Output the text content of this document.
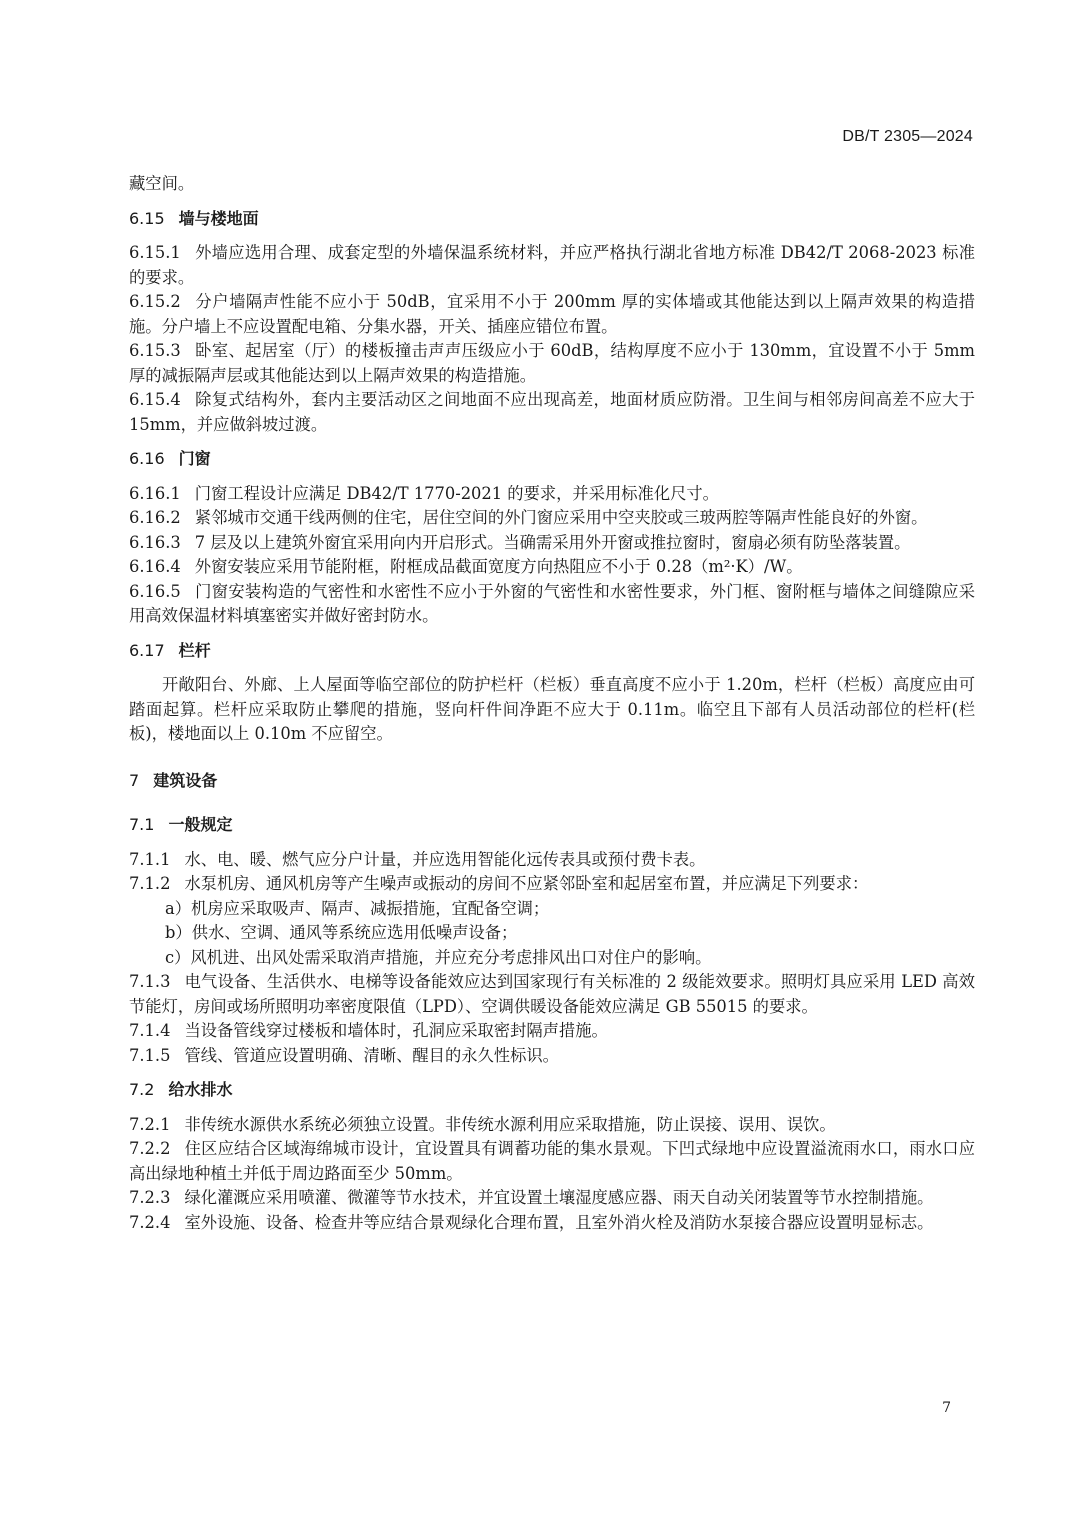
DB/T 2305—2024
藏空间。
6.15 墙与楼地面
6.15.1 外墙应选用合理、成套定型的外墙保温系统材料，并应严格执行湖北省地方标准 DB42/T 2068-2023 标准的要求。
6.15.2 分户墙隔声性能不应小于 50dB，宜采用不小于 200mm 厚的实体墙或其他能达到以上隔声效果的构造措施。分户墙上不应设置配电箱、分集水器，开关、插座应错位布置。
6.15.3 卧室、起居室（厅）的楼板撞击声声压级应小于 60dB，结构厚度不应小于 130mm，宜设置不小于 5mm 厚的减振隔声层或其他能达到以上隔声效果的构造措施。
6.15.4 除复式结构外，套内主要活动区之间地面不应出现高差，地面材质应防滑。卫生间与相邻房间高差不应大于 15mm，并应做斜坡过渡。
6.16 门窗
6.16.1 门窗工程设计应满足 DB42/T 1770-2021 的要求，并采用标准化尺寸。
6.16.2 紧邻城市交通干线两侧的住宅，居住空间的外门窗应采用中空夹胶或三玻两腔等隔声性能良好的外窗。
6.16.3 7 层及以上建筑外窗宜采用向内开启形式。当确需采用外开窗或推拉窗时，窗扇必须有防坠落装置。
6.16.4 外窗安装应采用节能附框，附框成品截面宽度方向热阻应不小于 0.28（m²·K）/W。
6.16.5 门窗安装构造的气密性和水密性不应小于外窗的气密性和水密性要求，外门框、窗附框与墙体之间缝隙应采用高效保温材料填塞密实并做好密封防水。
6.17 栏杆
开敞阳台、外廊、上人屋面等临空部位的防护栏杆（栏板）垂直高度不应小于 1.20m，栏杆（栏板）高度应由可踏面起算。栏杆应采取防止攀爬的措施，竖向杆件间净距不应大于 0.11m。临空且下部有人员活动部位的栏杆(栏板)，楼地面以上 0.10m 不应留空。
7 建筑设备
7.1 一般规定
7.1.1 水、电、暖、燃气应分户计量，并应选用智能化远传表具或预付费卡表。
7.1.2 水泵机房、通风机房等产生噪声或振动的房间不应紧邻卧室和起居室布置，并应满足下列要求：
a）机房应采取吸声、隔声、减振措施，宜配备空调；
b）供水、空调、通风等系统应选用低噪声设备；
c）风机进、出风处需采取消声措施，并应充分考虑排风出口对住户的影响。
7.1.3 电气设备、生活供水、电梯等设备能效应达到国家现行有关标准的 2 级能效要求。照明灯具应采用 LED 高效节能灯，房间或场所照明功率密度限值（LPD）、空调供暖设备能效应满足 GB 55015 的要求。
7.1.4 当设备管线穿过楼板和墙体时，孔洞应采取密封隔声措施。
7.1.5 管线、管道应设置明确、清晰、醒目的永久性标识。
7.2 给水排水
7.2.1 非传统水源供水系统必须独立设置。非传统水源利用应采取措施，防止误接、误用、误饮。
7.2.2 住区应结合区域海绵城市设计，宜设置具有调蓄功能的集水景观。下凹式绿地中应设置溢流雨水口，雨水口应高出绿地种植土并低于周边路面至少 50mm。
7.2.3 绿化灌溉应采用喷灌、微灌等节水技术，并宜设置土壤湿度感应器、雨天自动关闭装置等节水控制措施。
7.2.4 室外设施、设备、检查井等应结合景观绿化合理布置，且室外消火栓及消防水泵接合器应设置明显标志。
7
